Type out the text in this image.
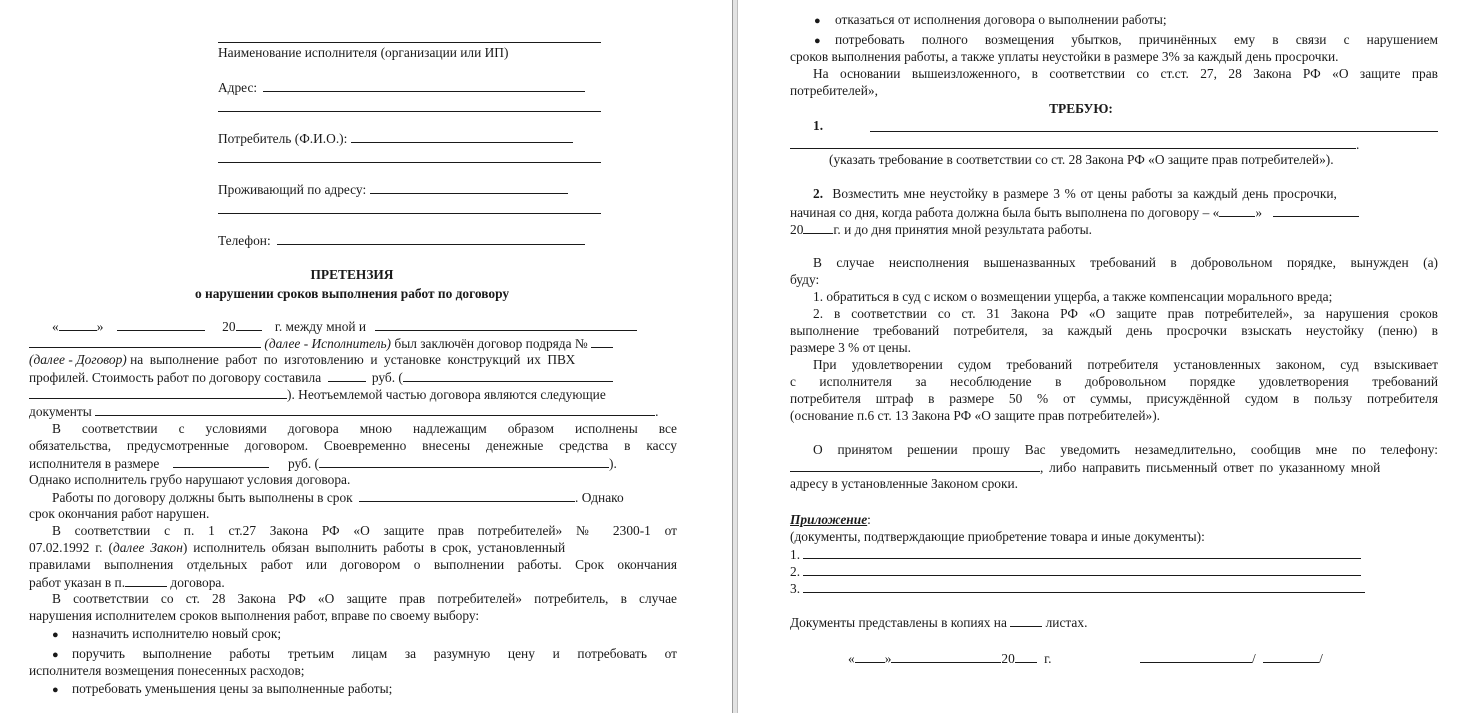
Наименование исполнителя (организации или ИП)
Адрес:
Потребитель (Ф.И.О.):
Проживающий по адресу:
Телефон:
ПРЕТЕНЗИЯ
о нарушении сроков выполнения работ по договору
«	»	20	г. между мной и
(далее - Исполнитель) был заключён договор подряда №
(далее - Договор) на выполнение работ по изготовлению и установке конструкций их ПВХ
профилей. Стоимость работ по договору составила	руб. (
). Неотъемлемой частью договора являются следующие
документы	.
В соответствии с условиями договора мною надлежащим образом исполнены все
обязательства, предусмотренные договором. Своевременно внесены денежные средства в кассу
исполнителя в размере	руб. (	).
Однако исполнитель грубо нарушают условия договора.
Работы по договору должны быть выполнены в срок	. Однако
срок окончания работ нарушен.
В соответствии с п. 1 ст.27 Закона РФ «О защите прав потребителей» № 2300-1 от
07.02.1992 г. (далее Закон) исполнитель обязан выполнить работы в срок, установленный
правилами выполнения отдельных работ или договором о выполнении работы. Срок окончания
работ указан в п.	договора.
В соответствии со ст. 28 Закона РФ «О защите прав потребителей» потребитель, в случае
нарушения исполнителем сроков выполнения работ, вправе по своему выбору:
● назначить исполнителю новый срок;
● поручить выполнение работы третьим лицам за разумную цену и потребовать от
исполнителя возмещения понесенных расходов;
● потребовать уменьшения цены за выполненные работы;
● отказаться от исполнения договора о выполнении работы;
● потребовать полного возмещения убытков, причинённых ему в связи с нарушением
сроков выполнения работы, а также уплаты неустойки в размере 3% за каждый день просрочки.
На основании вышеизложенного, в соответствии со ст.ст. 27, 28 Закона РФ «О защите прав
потребителей»,
ТРЕБУЮ:
1.
.
(указать требование в соответствии со ст. 28 Закона РФ «О защите прав потребителей»).
2. Возместить мне неустойку в размере 3 % от цены работы за каждый день просрочки,
начиная со дня, когда работа должна была быть выполнена по договору – «	»
20 г. и до дня принятия мной результата работы.
В случае неисполнения вышеназванных требований в добровольном порядке, вынужден (а)
буду:
1. обратиться в суд с иском о возмещении ущерба, а также компенсации морального вреда;
2. в соответствии со ст. 31 Закона РФ «О защите прав потребителей», за нарушения сроков
выполнение требований потребителя, за каждый день просрочки взыскать неустойку (пеню) в
размере 3 % от цены.
При удовлетворении судом требований потребителя установленных законом, суд взыскивает
с исполнителя за несоблюдение в добровольном порядке удовлетворения требований
потребителя штраф в размере 50 % от суммы, присуждённой судом в пользу потребителя
(основание п.6 ст. 13 Закона РФ «О защите прав потребителей»).
О принятом решении прошу Вас уведомить незамедлительно, сообщив мне по телефону:
, либо направить письменный ответ по указанному мной
адресу в установленные Законом сроки.
Приложение:
(документы, подтверждающие приобретение товара и иные документы):
1.
2.
3.
Документы представлены в копиях на	листах.
« »	20 г.	/	/
